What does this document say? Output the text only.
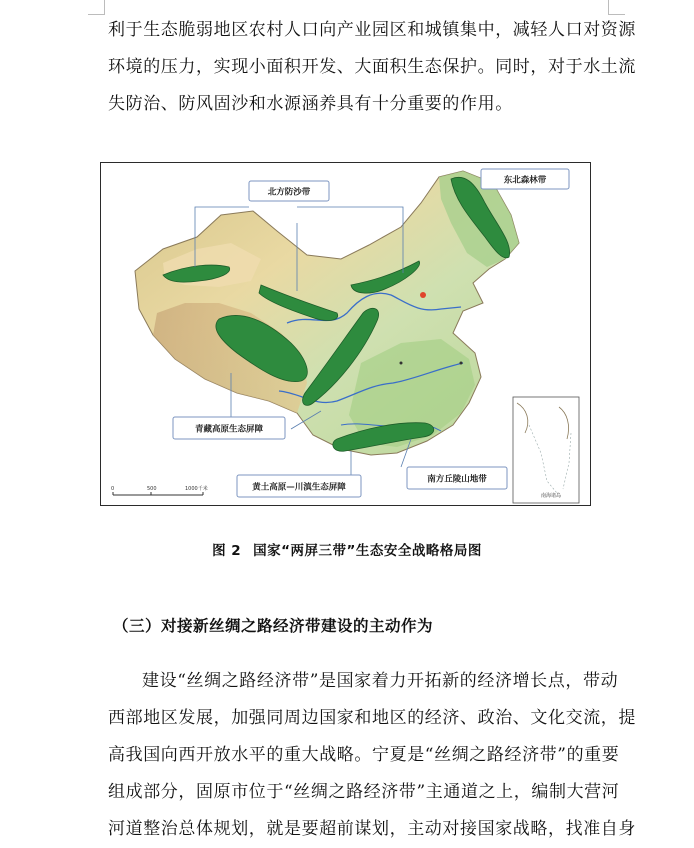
利于生态脆弱地区农村人口向产业园区和城镇集中，减轻人口对资源
环境的压力，实现小面积开发、大面积生态保护。同时，对于水土流
失防治、防风固沙和水源涵养具有十分重要的作用。

北方防沙带
东北森林带
青藏高原生态屏障
黄土高原—川滇生态屏障
南方丘陵山地带
0	500	1000千米
南海诸岛
图 2 国家“两屏三带”生态安全战略格局图
（三）对接新丝绸之路经济带建设的主动作为

建设“丝绸之路经济带”是国家着力开拓新的经济增长点，带动
西部地区发展，加强同周边国家和地区的经济、政治、文化交流，提
高我国向西开放水平的重大战略。宁夏是“丝绸之路经济带”的重要
组成部分，固原市位于“丝绸之路经济带”主通道之上，编制大营河
河道整治总体规划，就是要超前谋划，主动对接国家战略，找准自身
